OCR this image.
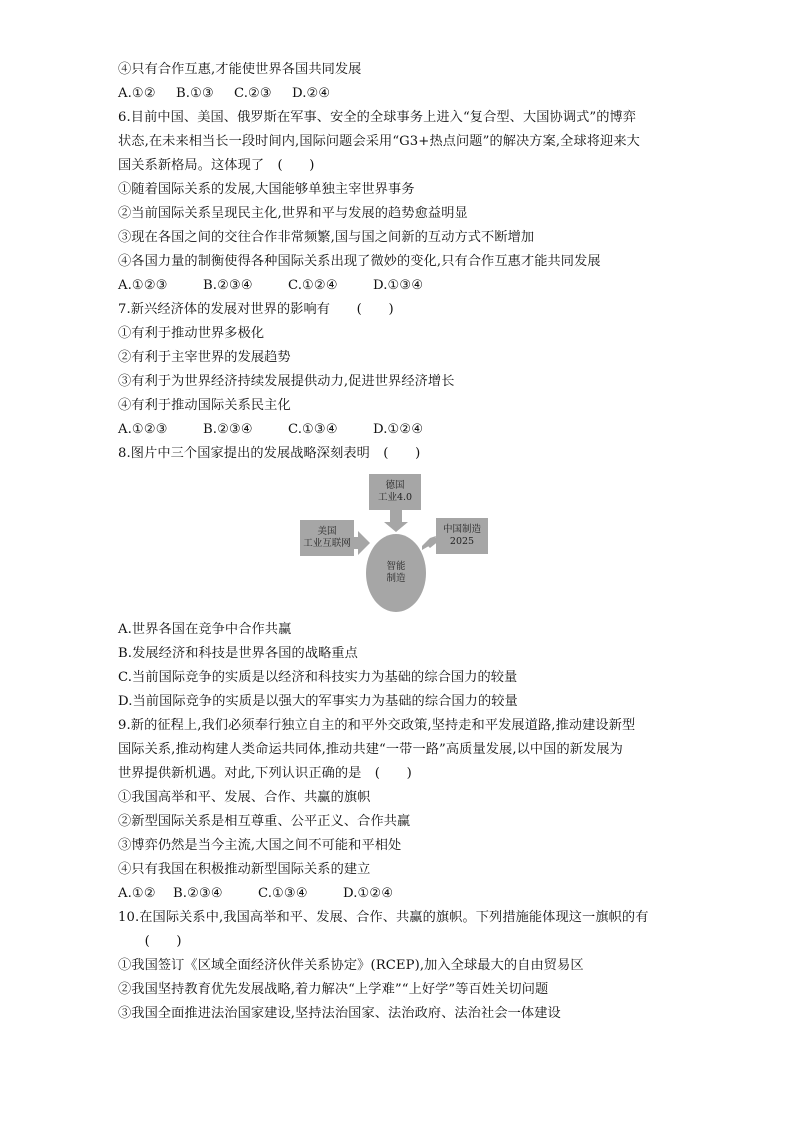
④只有合作互惠,才能使世界各国共同发展
A.①② B.①③ C.②③ D.②④
6.目前中国、美国、俄罗斯在军事、安全的全球事务上进入“复合型、大国协调式”的博弈
状态,在未来相当长一段时间内,国际问题会采用“G3+热点问题”的解决方案,全球将迎来大
国关系新格局。这体现了　(　　)
①随着国际关系的发展,大国能够单独主宰世界事务
②当前国际关系呈现民主化,世界和平与发展的趋势愈益明显
③现在各国之间的交往合作非常频繁,国与国之间新的互动方式不断增加
④各国力量的制衡使得各种国际关系出现了微妙的变化,只有合作互惠才能共同发展
A.①②③	B.②③④	C.①②④	D.①③④
7.新兴经济体的发展对世界的影响有　　(　　)
①有利于推动世界多极化
②有利于主宰世界的发展趋势
③有利于为世界经济持续发展提供动力,促进世界经济增长
④有利于推动国际关系民主化
A.①②③	B.②③④	C.①③④	D.①②④
8.图片中三个国家提出的发展战略深刻表明　(　　)
德国
工业4.0
美国
工业互联网
中国制造
2025
智能
制造
A.世界各国在竞争中合作共赢
B.发展经济和科技是世界各国的战略重点
C.当前国际竞争的实质是以经济和科技实力为基础的综合国力的较量
D.当前国际竞争的实质是以强大的军事实力为基础的综合国力的较量
9.新的征程上,我们必须奉行独立自主的和平外交政策,坚持走和平发展道路,推动建设新型
国际关系,推动构建人类命运共同体,推动共建“一带一路”高质量发展,以中国的新发展为
世界提供新机遇。对此,下列认识正确的是　(　　)
①我国高举和平、发展、合作、共赢的旗帜
②新型国际关系是相互尊重、公平正义、合作共赢
③博弈仍然是当今主流,大国之间不可能和平相处
④只有我国在积极推动新型国际关系的建立
A.①② B.②③④	C.①③④	D.①②④
10.在国际关系中,我国高举和平、发展、合作、共赢的旗帜。下列措施能体现这一旗帜的有
　　(　　)
①我国签订《区域全面经济伙伴关系协定》(RCEP),加入全球最大的自由贸易区
②我国坚持教育优先发展战略,着力解决“上学难”“上好学”等百姓关切问题
③我国全面推进法治国家建设,坚持法治国家、法治政府、法治社会一体建设
